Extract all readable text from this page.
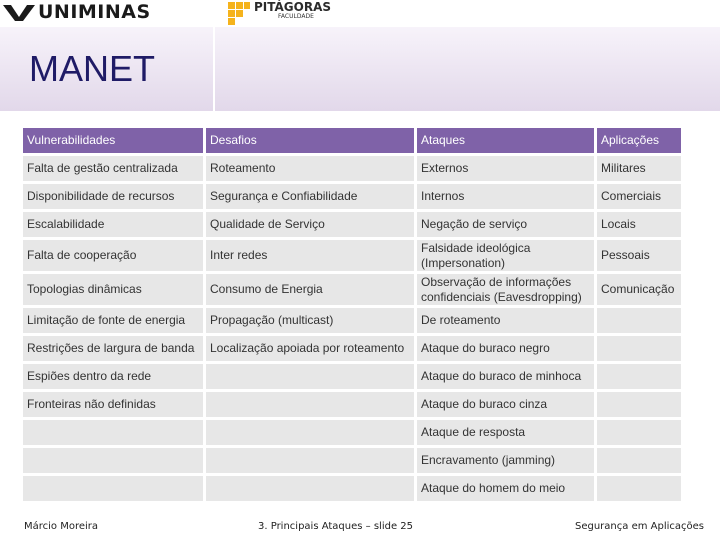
UNIMINAS	PITÁGORAS
FACULDADE
MANET
Vulnerabilidades	Desafios	Ataques	Aplicações
Falta de gestão centralizada	Roteamento	Externos	Militares
Disponibilidade de recursos	Segurança e Confiabilidade	Internos	Comerciais
Escalabilidade	Qualidade de Serviço	Negação de serviço	Locais
Falta de cooperação	Inter redes	Falsidade ideológica (Impersonation)	Pessoais
Topologias dinâmicas	Consumo de Energia	Observação de informações confidenciais (Eavesdropping)	Comunicação
Limitação de fonte de energia	Propagação (multicast)	De roteamento	
Restrições de largura de banda	Localização apoiada por roteamento	Ataque do buraco negro	
Espiões dentro da rede		Ataque do buraco de minhoca	
Fronteiras não definidas		Ataque do buraco cinza	
		Ataque de resposta	
		Encravamento (jamming)	
		Ataque do homem do meio	
Márcio Moreira	3. Principais Ataques – slide 25	Segurança em Aplicações
